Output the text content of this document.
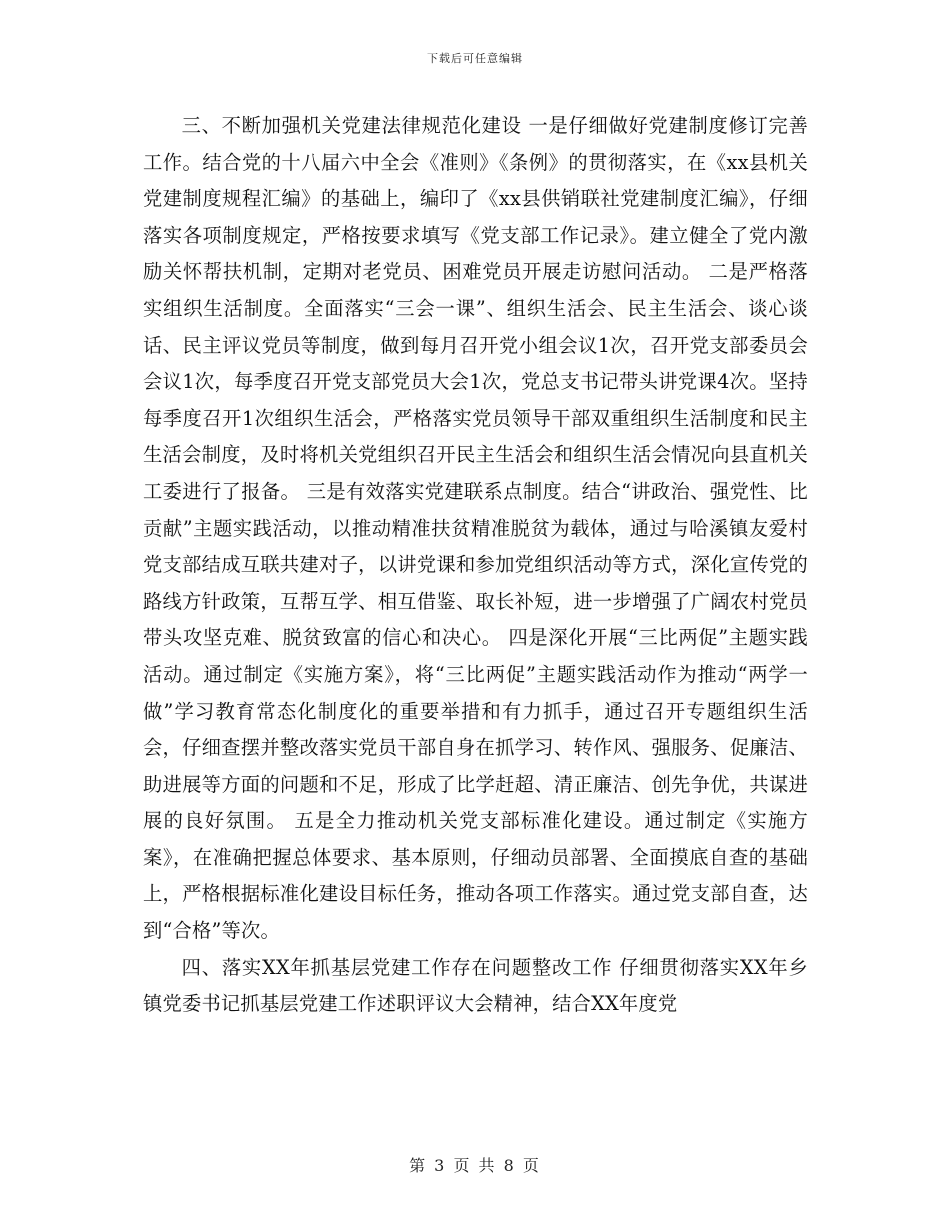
下载后可任意编辑

三、不断加强机关党建法律规范化建设 一是仔细做好党建制度修订完善工作。结合党的十八届六中全会《准则》《条例》的贯彻落实，在《xx县机关党建制度规程汇编》的基础上，编印了《xx县供销联社党建制度汇编》，仔细落实各项制度规定，严格按要求填写《党支部工作记录》。建立健全了党内激励关怀帮扶机制，定期对老党员、困难党员开展走访慰问活动。 二是严格落实组织生活制度。全面落实“三会一课”、组织生活会、民主生活会、谈心谈话、民主评议党员等制度，做到每月召开党小组会议1次，召开党支部委员会会议1次，每季度召开党支部党员大会1次，党总支书记带头讲党课4次。坚持每季度召开1次组织生活会，严格落实党员领导干部双重组织生活制度和民主生活会制度，及时将机关党组织召开民主生活会和组织生活会情况向县直机关工委进行了报备。 三是有效落实党建联系点制度。结合“讲政治、强党性、比贡献”主题实践活动，以推动精准扶贫精准脱贫为载体，通过与哈溪镇友爱村党支部结成互联共建对子，以讲党课和参加党组织活动等方式，深化宣传党的路线方针政策，互帮互学、相互借鉴、取长补短，进一步增强了广阔农村党员带头攻坚克难、脱贫致富的信心和决心。 四是深化开展“三比两促”主题实践活动。通过制定《实施方案》，将“三比两促”主题实践活动作为推动“两学一做”学习教育常态化制度化的重要举措和有力抓手，通过召开专题组织生活会，仔细查摆并整改落实党员干部自身在抓学习、转作风、强服务、促廉洁、助进展等方面的问题和不足，形成了比学赶超、清正廉洁、创先争优，共谋进展的良好氛围。 五是全力推动机关党支部标准化建设。通过制定《实施方案》，在准确把握总体要求、基本原则，仔细动员部署、全面摸底自查的基础上，严格根据标准化建设目标任务，推动各项工作落实。通过党支部自查，达到“合格”等次。

四、落实XX年抓基层党建工作存在问题整改工作 仔细贯彻落实XX年乡镇党委书记抓基层党建工作述职评议大会精神，结合XX年度党

第 3 页 共 8 页
